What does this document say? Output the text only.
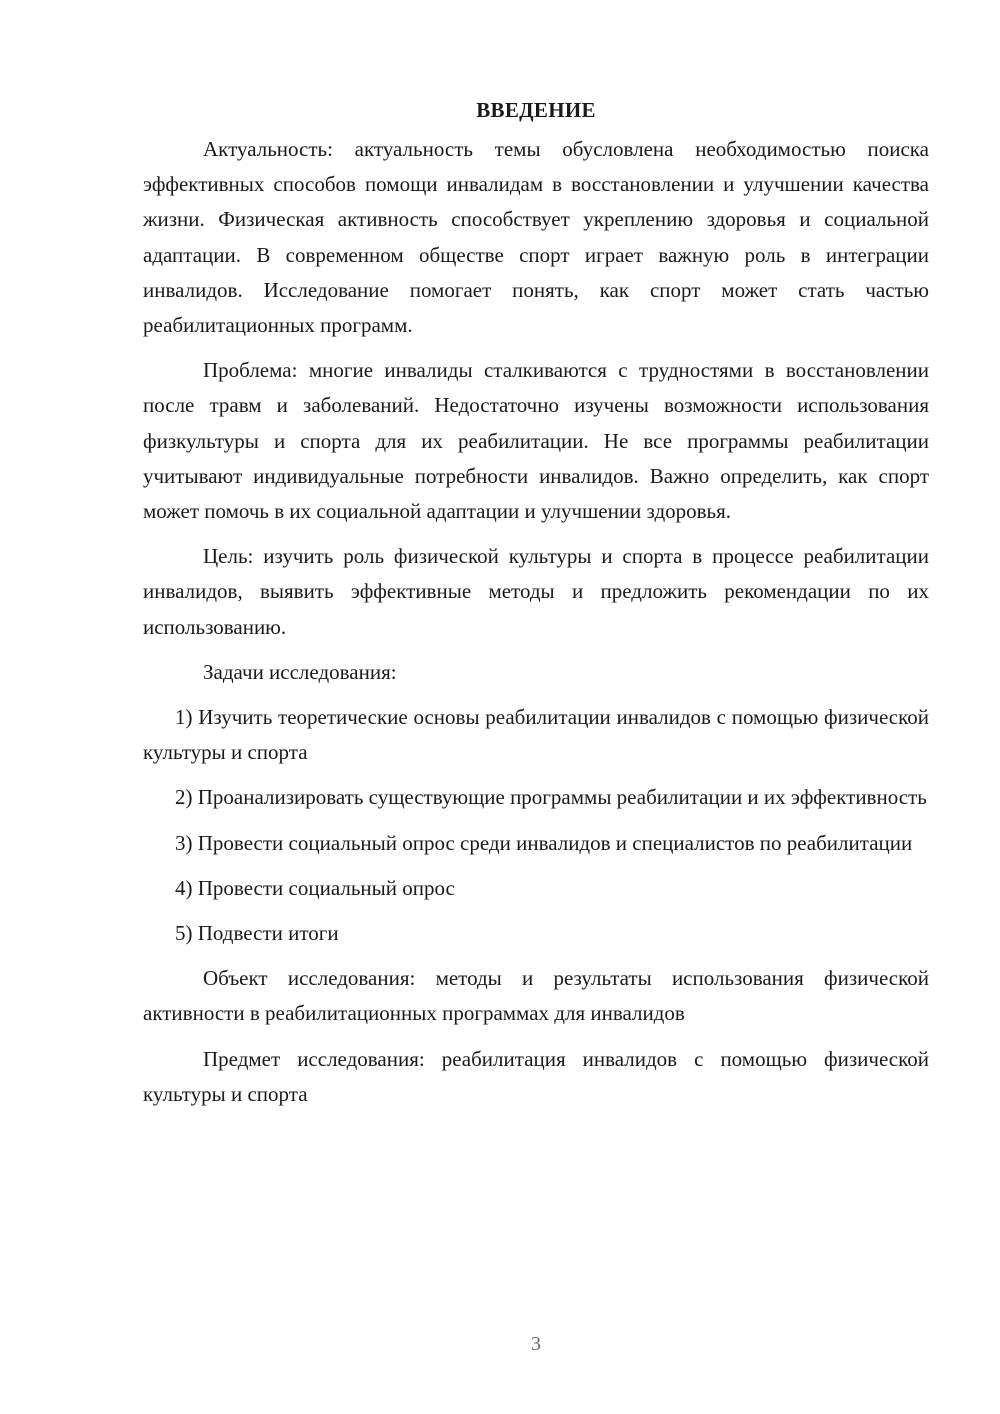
ВВЕДЕНИЕ

Актуальность: актуальность темы обусловлена необходимостью поиска эффективных способов помощи инвалидам в восстановлении и улучшении качества жизни. Физическая активность способствует укреплению здоровья и социальной адаптации. В современном обществе спорт играет важную роль в интеграции инвалидов. Исследование помогает понять, как спорт может стать частью реабилитационных программ.

Проблема: многие инвалиды сталкиваются с трудностями в восстановлении после травм и заболеваний. Недостаточно изучены возможности использования физкультуры и спорта для их реабилитации. Не все программы реабилитации учитывают индивидуальные потребности инвалидов. Важно определить, как спорт может помочь в их социальной адаптации и улучшении здоровья.

Цель: изучить роль физической культуры и спорта в процессе реабилитации инвалидов, выявить эффективные методы и предложить рекомендации по их использованию.

Задачи исследования:

1) Изучить теоретические основы реабилитации инвалидов с помощью физической культуры и спорта

2) Проанализировать существующие программы реабилитации и их эффективность

3) Провести социальный опрос среди инвалидов и специалистов по реабилитации

4) Провести социальный опрос

5) Подвести итоги

Объект исследования: методы и результаты использования физической активности в реабилитационных программах для инвалидов

Предмет исследования: реабилитация инвалидов с помощью физической культуры и спорта

3
